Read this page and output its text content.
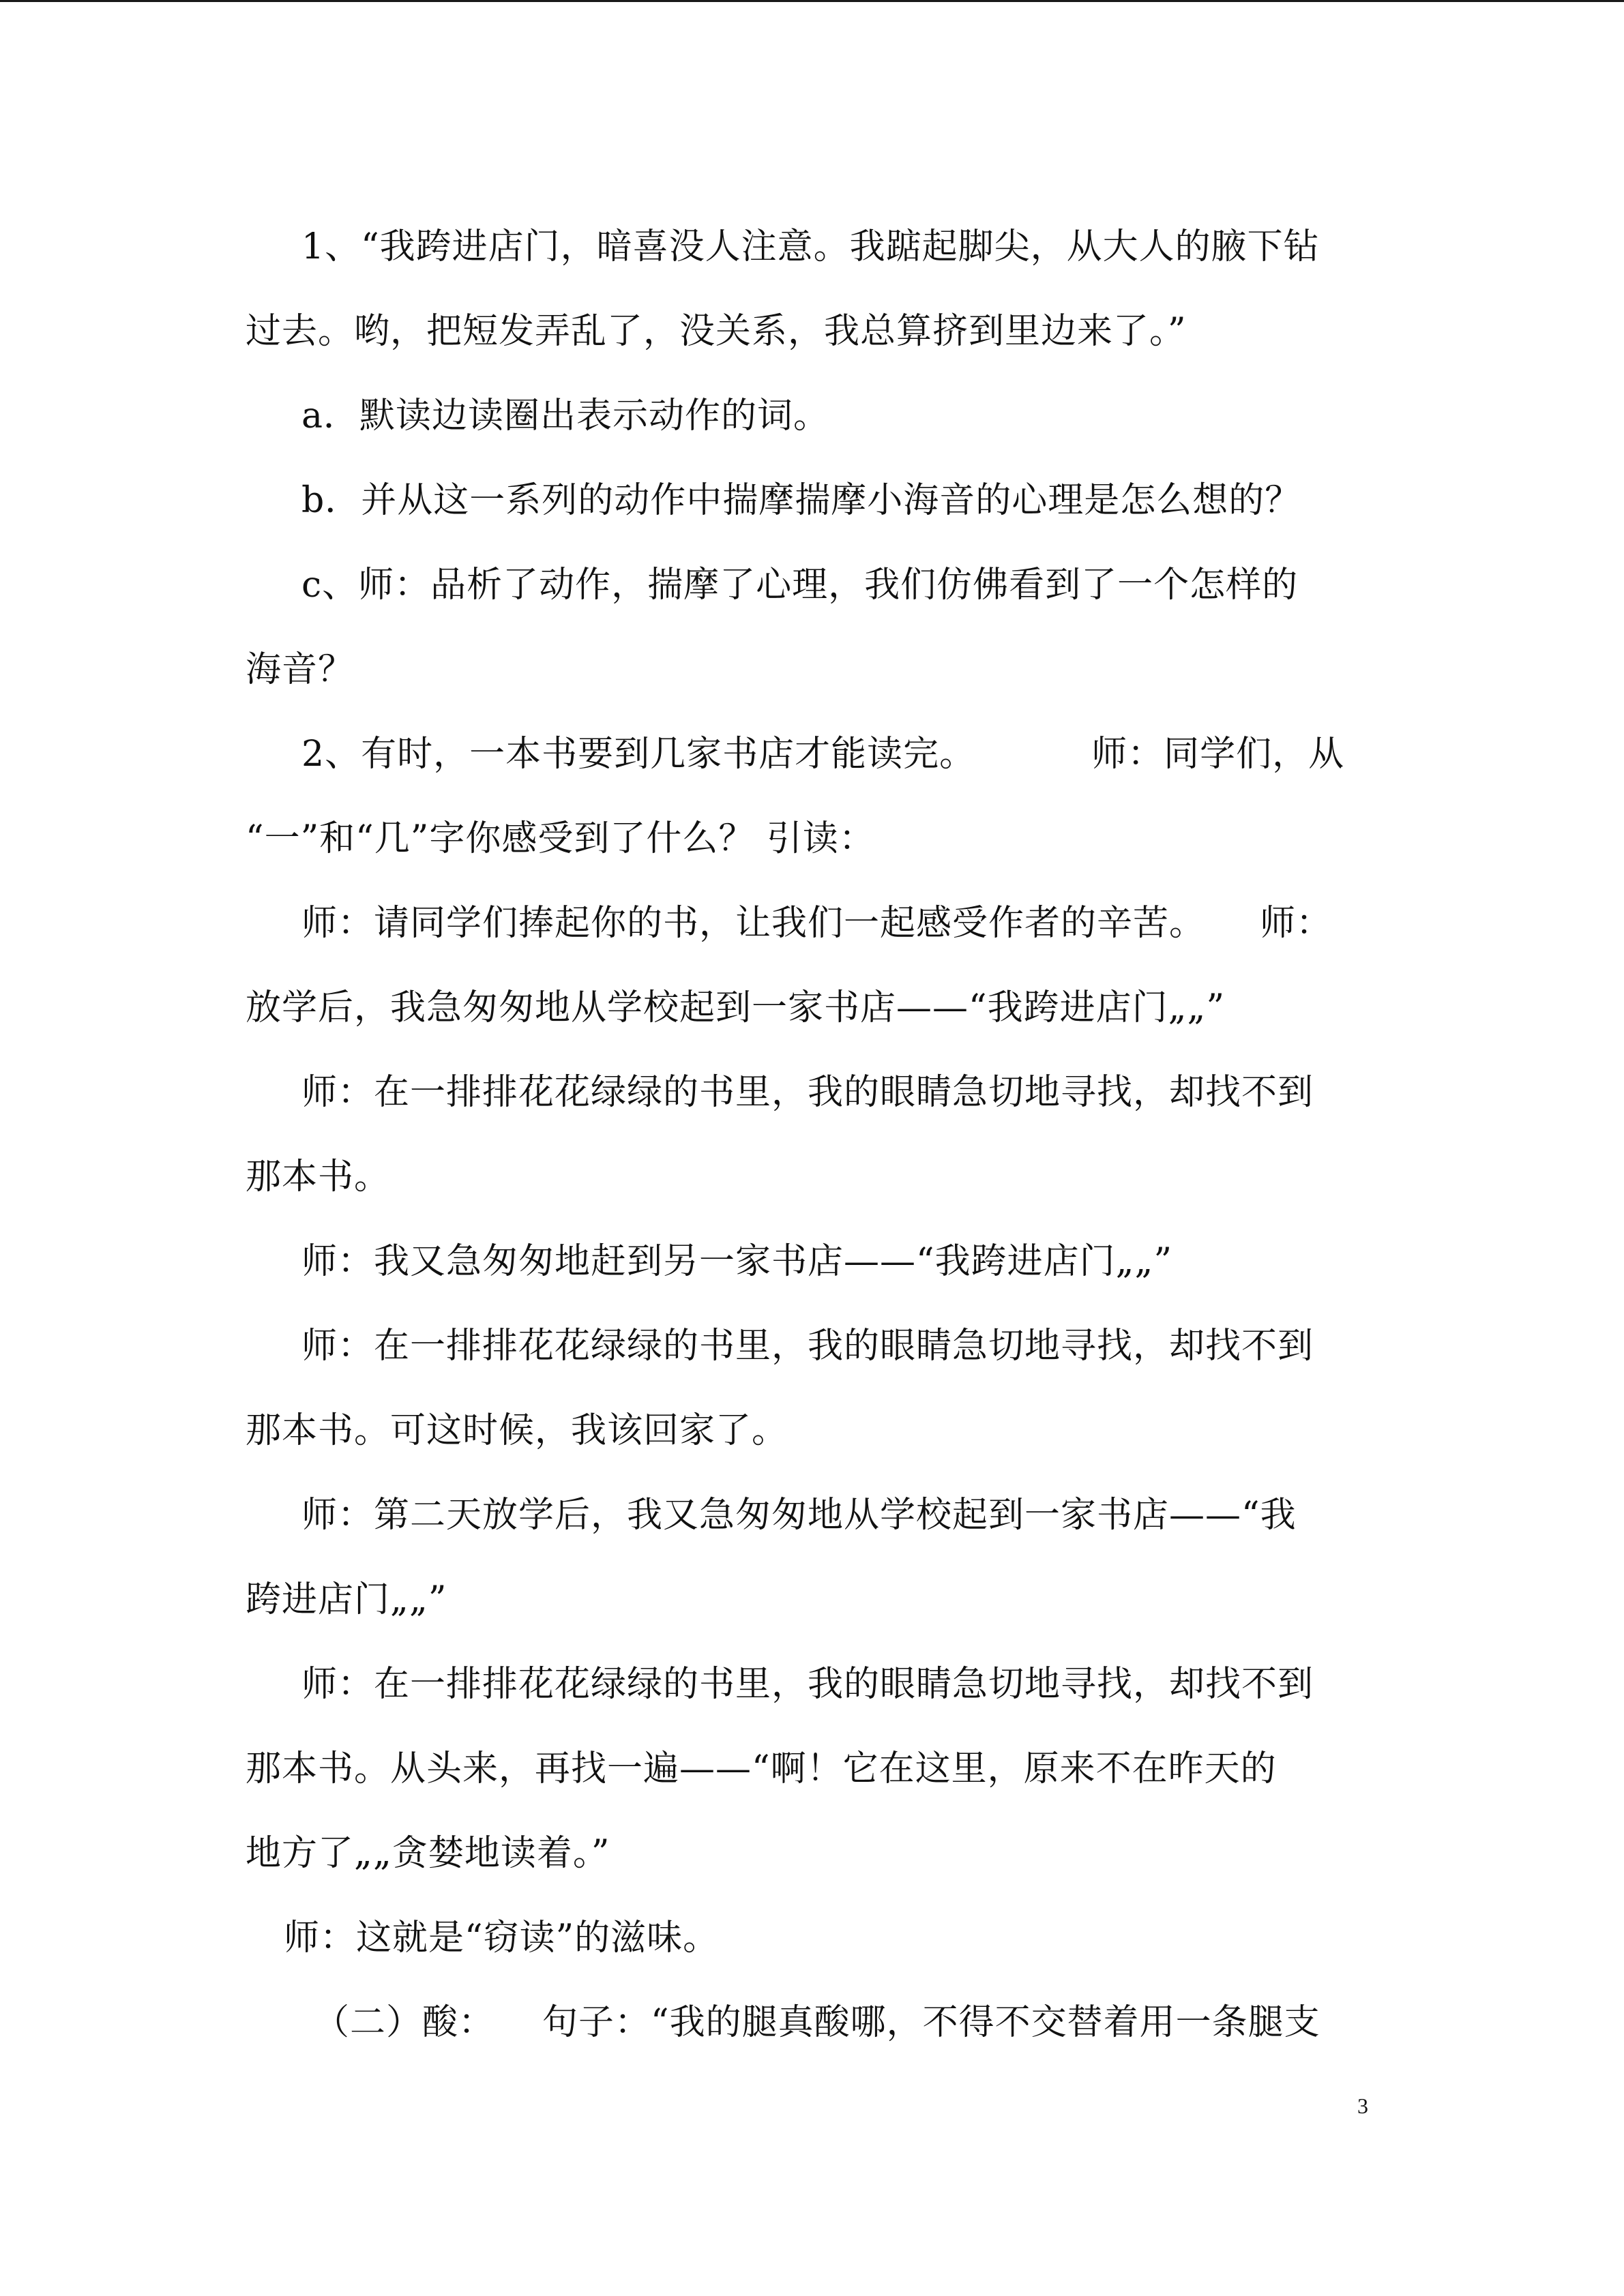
1、“我跨进店门，暗喜没人注意。我踮起脚尖，从大人的腋下钻

过去。哟，把短发弄乱了，没关系，我总算挤到里边来了。”

a．默读边读圈出表示动作的词。

b．并从这一系列的动作中揣摩揣摩小海音的心理是怎么想的？

c、师：品析了动作，揣摩了心理，我们仿佛看到了一个怎样的

海音？

2、有时，一本书要到几家书店才能读完。	师：同学们，从

“一”和“几”字你感受到了什么？ 引读：

师：请同学们捧起你的书，让我们一起感受作者的辛苦。 师：

放学后，我急匆匆地从学校起到一家书店——“我跨进店门„„”

师：在一排排花花绿绿的书里，我的眼睛急切地寻找，却找不到

那本书。

师：我又急匆匆地赶到另一家书店——“我跨进店门„„”

师：在一排排花花绿绿的书里，我的眼睛急切地寻找，却找不到

那本书。可这时候，我该回家了。

师：第二天放学后，我又急匆匆地从学校起到一家书店——“我

跨进店门„„”

师：在一排排花花绿绿的书里，我的眼睛急切地寻找，却找不到

那本书。从头来，再找一遍——“啊！它在这里，原来不在昨天的

地方了„„贪婪地读着。”

师：这就是“窃读”的滋味。

（二）酸： 句子：“我的腿真酸哪，不得不交替着用一条腿支

3
